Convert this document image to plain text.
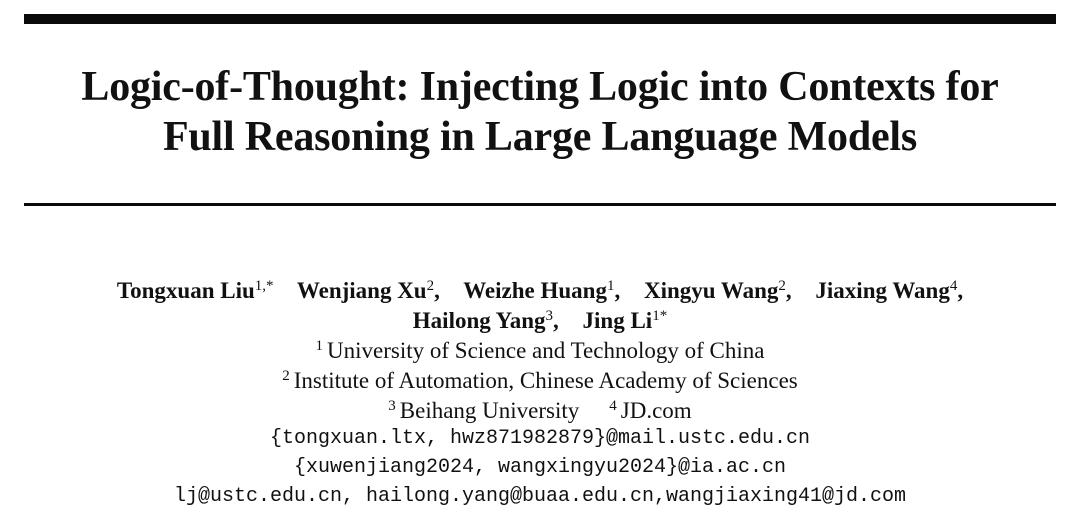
Logic-of-Thought: Injecting Logic into Contexts for
Full Reasoning in Large Language Models
Tongxuan Liu$^{1,*}$ Wenjiang Xu$^2$, Weizhe Huang$^1$, Xingyu Wang$^2$, Jiaxing Wang$^4$,
Hailong Yang$^3$, Jing $Li^{1*}$
$^1$ University of Science and Technology of China
$^2$ Institute of Automation, Chinese Academy of Sciences
$^3$ Beihang University $^4$ JD.com
{tongxuan.ltx, hwz871982879}@mail.ustc.edu.cn
{xuwenjiang2024, wangxingyu2024}@ia.ac.cn
lj@ustc.edu.cn, hailong.yang@buaa.edu.cn,wangjiaxing41@jd.com
